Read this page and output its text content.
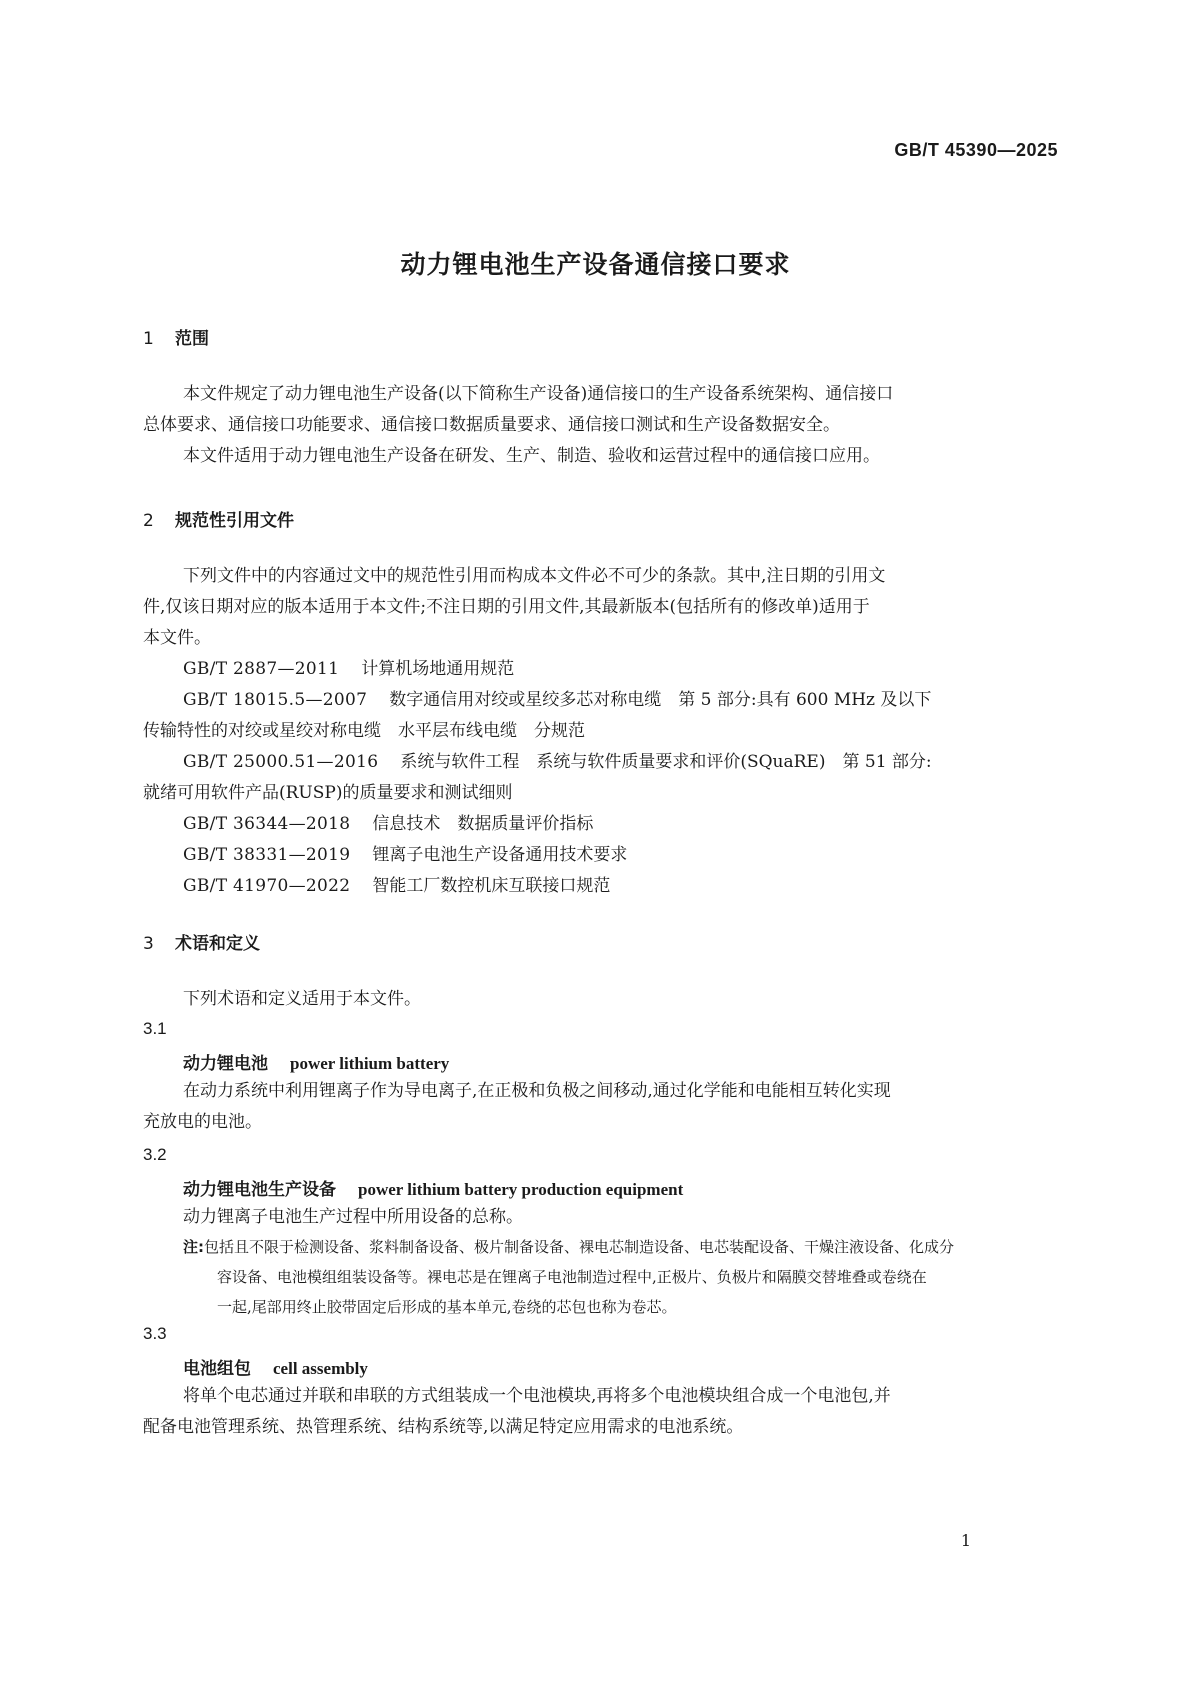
GB/T 45390—2025
动力锂电池生产设备通信接口要求
1 范围
本文件规定了动力锂电池生产设备(以下简称生产设备)通信接口的生产设备系统架构、通信接口
总体要求、通信接口功能要求、通信接口数据质量要求、通信接口测试和生产设备数据安全。
本文件适用于动力锂电池生产设备在研发、生产、制造、验收和运营过程中的通信接口应用。
2 规范性引用文件
下列文件中的内容通过文中的规范性引用而构成本文件必不可少的条款。其中,注日期的引用文
件,仅该日期对应的版本适用于本文件;不注日期的引用文件,其最新版本(包括所有的修改单)适用于
本文件。
GB/T 2887—2011 计算机场地通用规范
GB/T 18015.5—2007 数字通信用对绞或星绞多芯对称电缆　第 5 部分:具有 600 MHz 及以下
传输特性的对绞或星绞对称电缆　水平层布线电缆　分规范
GB/T 25000.51—2016 系统与软件工程　系统与软件质量要求和评价(SQuaRE)　第 51 部分:
就绪可用软件产品(RUSP)的质量要求和测试细则
GB/T 36344—2018 信息技术　数据质量评价指标
GB/T 38331—2019 锂离子电池生产设备通用技术要求
GB/T 41970—2022 智能工厂数控机床互联接口规范
3 术语和定义
下列术语和定义适用于本文件。
3.1
动力锂电池 power lithium battery
在动力系统中利用锂离子作为导电离子,在正极和负极之间移动,通过化学能和电能相互转化实现
充放电的电池。
3.2
动力锂电池生产设备 power lithium battery production equipment
动力锂离子电池生产过程中所用设备的总称。
注:包括且不限于检测设备、浆料制备设备、极片制备设备、裸电芯制造设备、电芯装配设备、干燥注液设备、化成分
容设备、电池模组组装设备等。裸电芯是在锂离子电池制造过程中,正极片、负极片和隔膜交替堆叠或卷绕在
一起,尾部用终止胶带固定后形成的基本单元,卷绕的芯包也称为卷芯。
3.3
电池组包 cell assembly
将单个电芯通过并联和串联的方式组装成一个电池模块,再将多个电池模块组合成一个电池包,并
配备电池管理系统、热管理系统、结构系统等,以满足特定应用需求的电池系统。
1
